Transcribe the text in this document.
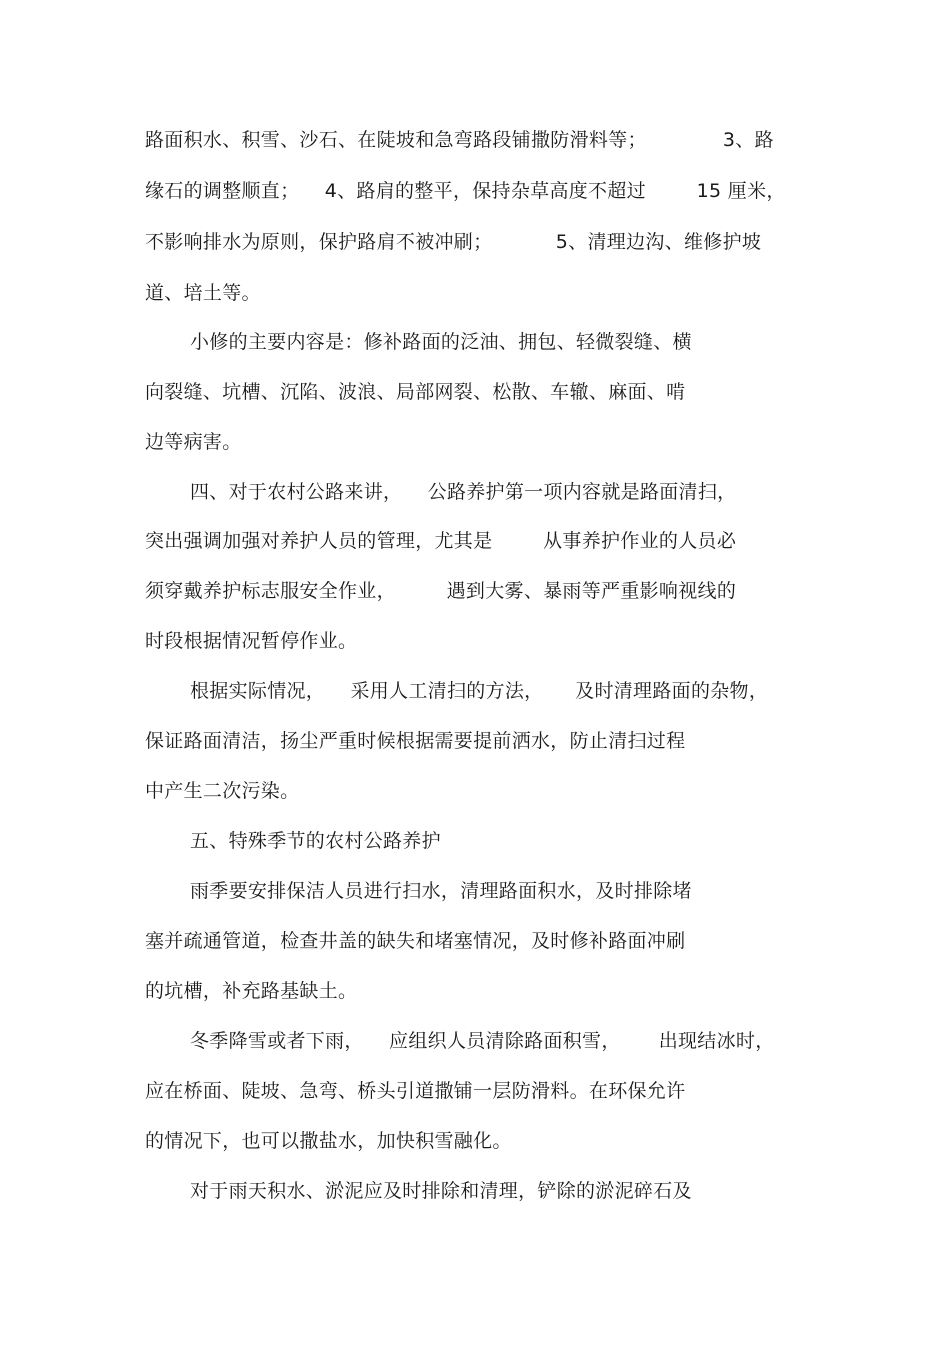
路面积水、积雪、沙石、在陡坡和急弯路段铺撒防滑料等；            3、路
缘石的调整顺直；    4、路肩的整平，保持杂草高度不超过        15 厘米，
不影响排水为原则，保护路肩不被冲刷；          5、清理边沟、维修护坡
道、培土等。
小修的主要内容是：修补路面的泛油、拥包、轻微裂缝、横
向裂缝、坑槽、沉陷、波浪、局部网裂、松散、车辙、麻面、啃
边等病害。
四、对于农村公路来讲，    公路养护第一项内容就是路面清扫，
突出强调加强对养护人员的管理，尤其是        从事养护作业的人员必
须穿戴养护标志服安全作业，        遇到大雾、暴雨等严重影响视线的
时段根据情况暂停作业。
根据实际情况，    采用人工清扫的方法，     及时清理路面的杂物，
保证路面清洁，扬尘严重时候根据需要提前洒水，防止清扫过程
中产生二次污染。
五、特殊季节的农村公路养护
雨季要安排保洁人员进行扫水，清理路面积水，及时排除堵
塞并疏通管道，检查井盖的缺失和堵塞情况，及时修补路面冲刷
的坑槽，补充路基缺土。
冬季降雪或者下雨，    应组织人员清除路面积雪，      出现结冰时，
应在桥面、陡坡、急弯、桥头引道撒铺一层防滑料。在环保允许
的情况下，也可以撒盐水，加快积雪融化。
对于雨天积水、淤泥应及时排除和清理，铲除的淤泥碎石及
